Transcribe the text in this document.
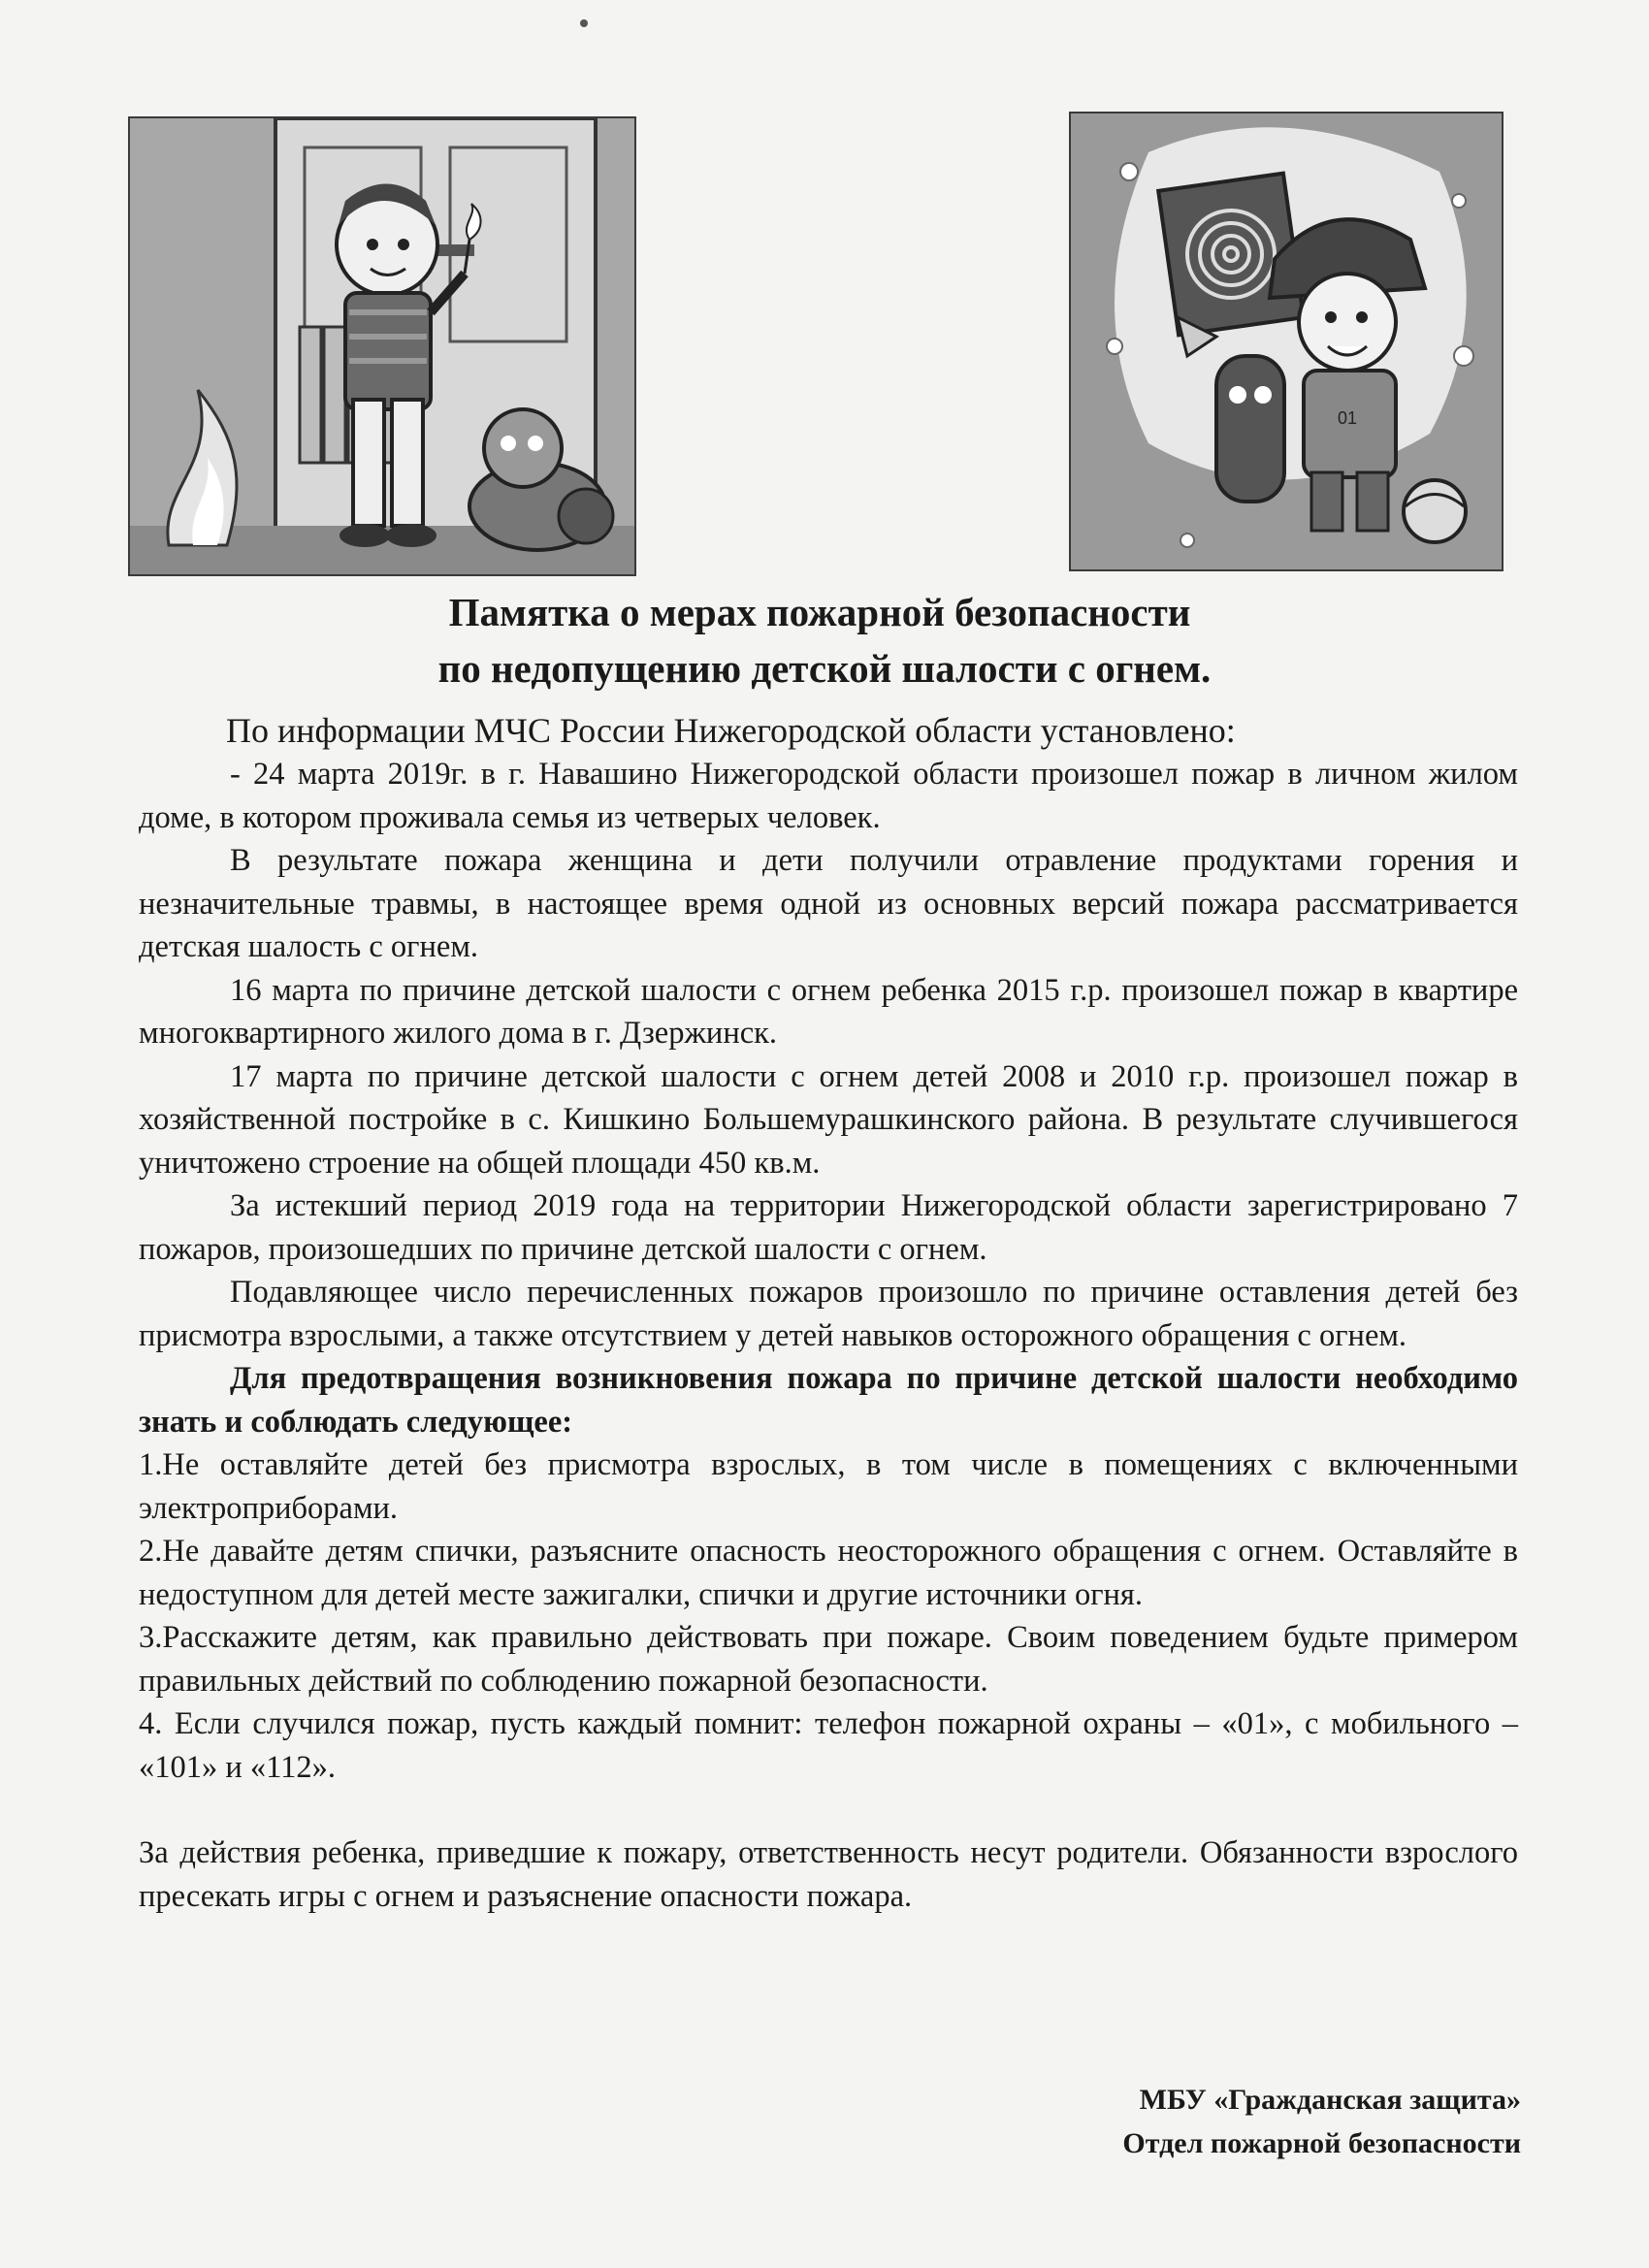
01
Памятка о мерах пожарной безопасности
по недопущению детской шалости с огнем.

По информации МЧС России Нижегородской области установлено:

- 24 марта 2019г. в г. Навашино Нижегородской области произошел пожар в личном жилом доме, в котором проживала семья из четверых человек.

В результате пожара женщина и дети получили отравление продуктами горения и незначительные травмы, в настоящее время одной из основных версий пожара рассматривается детская шалость с огнем.

16 марта по причине детской шалости с огнем ребенка 2015 г.р. произошел пожар в квартире многоквартирного жилого дома в г. Дзержинск.

17 марта по причине детской шалости с огнем детей 2008 и 2010 г.р. произошел пожар в хозяйственной постройке в с. Кишкино Большемурашкинского района. В результате случившегося уничтожено строение на общей площади 450 кв.м.

За истекший период 2019 года на территории Нижегородской области зарегистрировано 7 пожаров, произошедших по причине детской шалости с огнем.

Подавляющее число перечисленных пожаров произошло по причине оставления детей без присмотра взрослыми, а также отсутствием у детей навыков осторожного обращения с огнем.

Для предотвращения возникновения пожара по причине детской шалости необходимо знать и соблюдать следующее:

1.Не оставляйте детей без присмотра взрослых, в том числе в помещениях с включенными электроприборами.

2.Не давайте детям спички, разъясните опасность неосторожного обращения с огнем. Оставляйте в недоступном для детей месте зажигалки, спички и другие источники огня.

3.Расскажите детям, как правильно действовать при пожаре. Своим поведением будьте примером правильных действий по соблюдению пожарной безопасности.

4. Если случился пожар, пусть каждый помнит: телефон пожарной охраны – «01», с мобильного – «101» и «112».

За действия ребенка, приведшие к пожару, ответственность несут родители. Обязанности взрослого пресекать игры с огнем и разъяснение опасности пожара.

МБУ «Гражданская защита»
Отдел пожарной безопасности
